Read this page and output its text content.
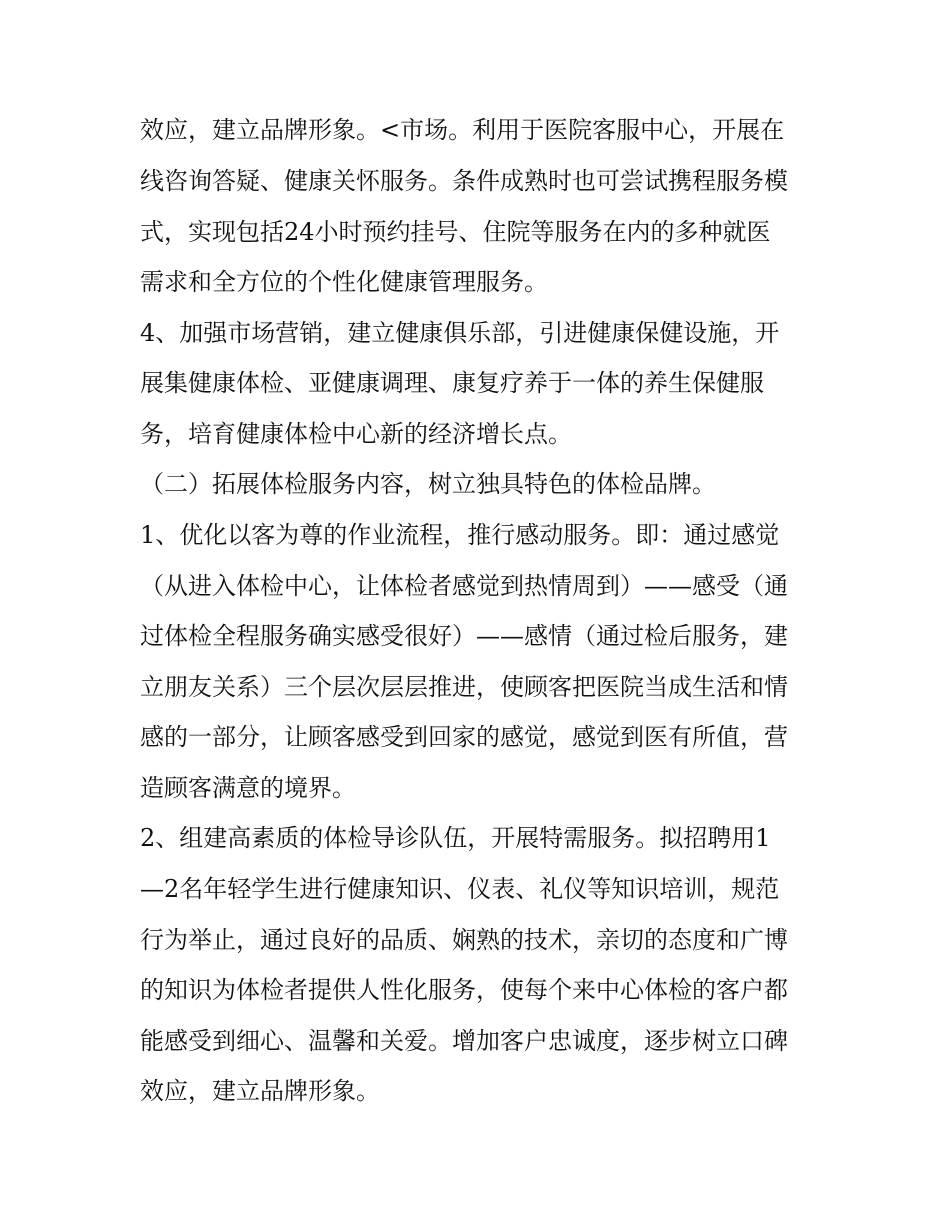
效应，建立品牌形象。<市场。利用于医院客服中心，开展在
线咨询答疑、健康关怀服务。条件成熟时也可尝试携程服务模
式，实现包括24小时预约挂号、住院等服务在内的多种就医
需求和全方位的个性化健康管理服务。
4、加强市场营销，建立健康俱乐部，引进健康保健设施，开
展集健康体检、亚健康调理、康复疗养于一体的养生保健服
务，培育健康体检中心新的经济增长点。
（二）拓展体检服务内容，树立独具特色的体检品牌。
1、优化以客为尊的作业流程，推行感动服务。即：通过感觉
（从进入体检中心，让体检者感觉到热情周到）——感受（通
过体检全程服务确实感受很好）——感情（通过检后服务，建
立朋友关系）三个层次层层推进，使顾客把医院当成生活和情
感的一部分，让顾客感受到回家的感觉，感觉到医有所值，营
造顾客满意的境界。
2、组建高素质的体检导诊队伍，开展特需服务。拟招聘用1
—2名年轻学生进行健康知识、仪表、礼仪等知识培训，规范
行为举止，通过良好的品质、娴熟的技术，亲切的态度和广博
的知识为体检者提供人性化服务，使每个来中心体检的客户都
能感受到细心、温馨和关爱。增加客户忠诚度，逐步树立口碑
效应，建立品牌形象。
